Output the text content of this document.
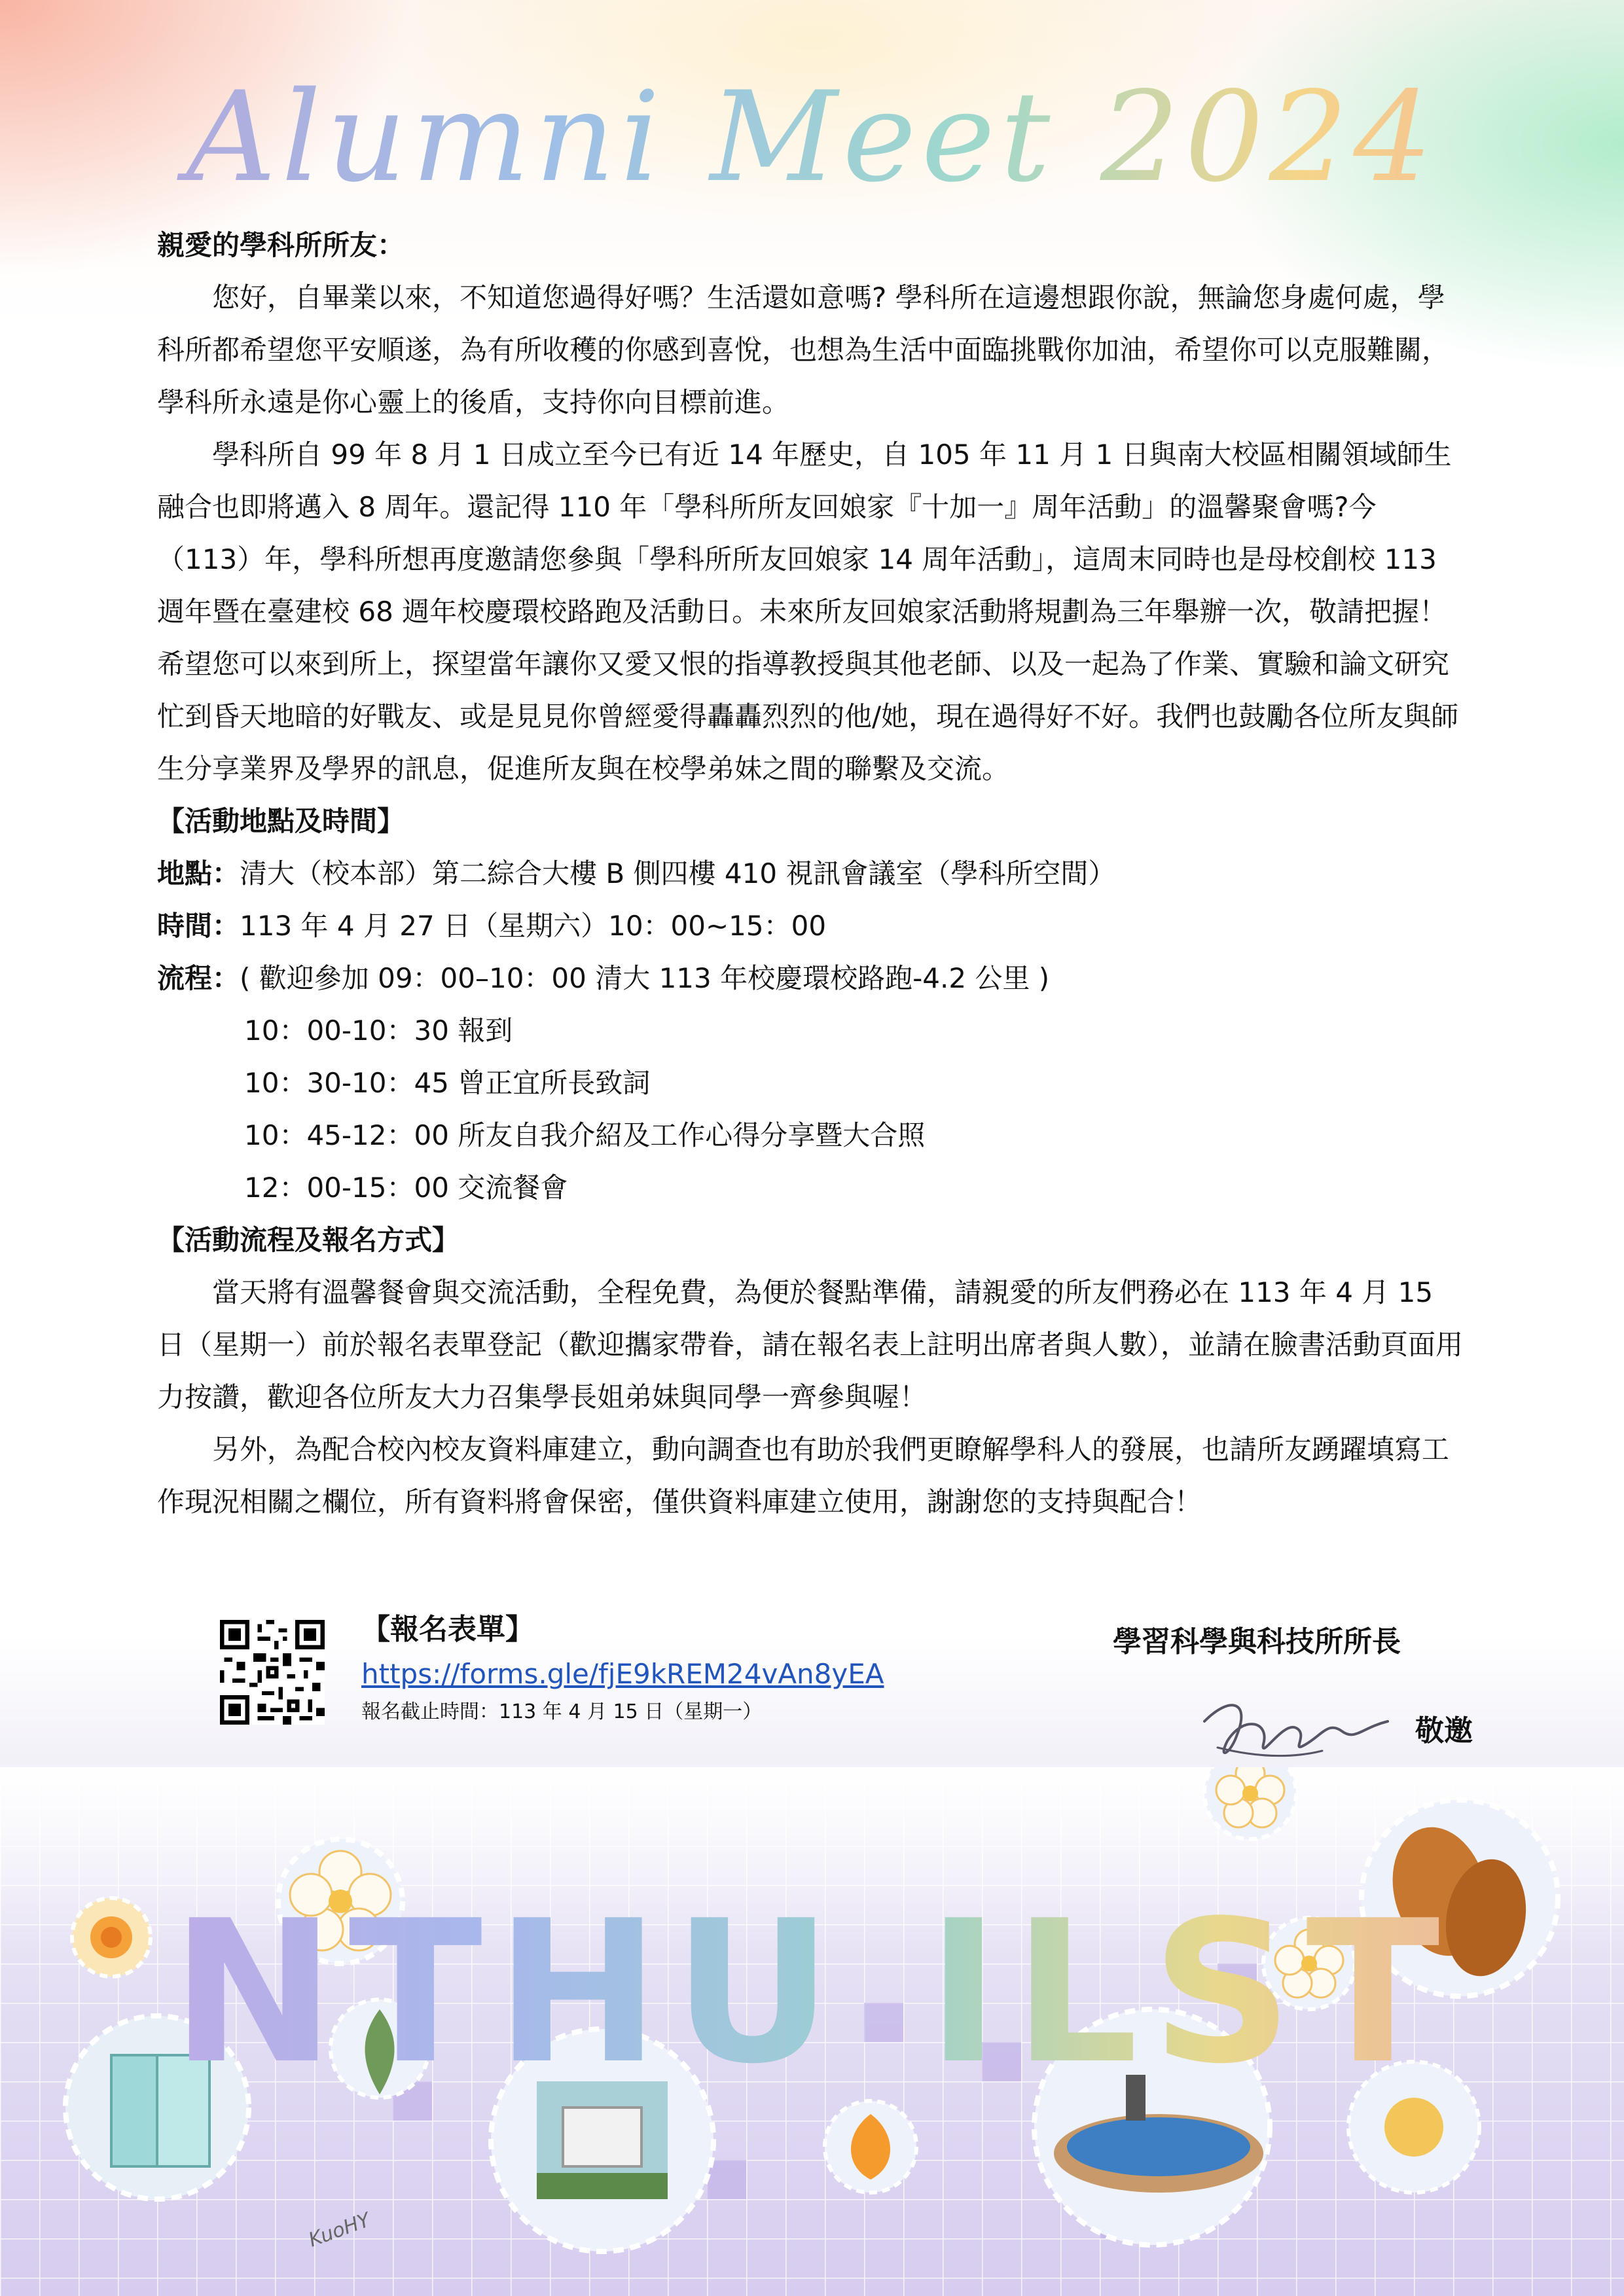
Alumni Meet 2024

親愛的學科所所友：

您好，自畢業以來，不知道您過得好嗎？生活還如意嗎? 學科所在這邊想跟你說，無論您身處何處，學科所都希望您平安順遂，為有所收穫的你感到喜悅，也想為生活中面臨挑戰你加油，希望你可以克服難關，學科所永遠是你心靈上的後盾，支持你向目標前進。

學科所自 99 年 8 月 1 日成立至今已有近 14 年歷史，自 105 年 11 月 1 日與南大校區相關領域師生融合也即將邁入 8 周年。還記得 110 年「學科所所友回娘家『十加一』周年活動」的溫馨聚會嗎?今（113）年，學科所想再度邀請您參與「學科所所友回娘家 14 周年活動」，這周末同時也是母校創校 113 週年暨在臺建校 68 週年校慶環校路跑及活動日。未來所友回娘家活動將規劃為三年舉辦一次，敬請把握！希望您可以來到所上，探望當年讓你又愛又恨的指導教授與其他老師、以及一起為了作業、實驗和論文研究忙到昏天地暗的好戰友、或是見見你曾經愛得轟轟烈烈的他/她，現在過得好不好。我們也鼓勵各位所友與師生分享業界及學界的訊息，促進所友與在校學弟妹之間的聯繫及交流。

【活動地點及時間】

地點：清大（校本部）第二綜合大樓 B 側四樓 410 視訊會議室（學科所空間）

時間：113 年 4 月 27 日（星期六）10：00~15：00

流程：( 歡迎參加 09：00–10：00 清大 113 年校慶環校路跑-4.2 公里 )

10：00-10：30 報到

10：30-10：45 曾正宜所長致詞

10：45-12：00 所友自我介紹及工作心得分享暨大合照

12：00-15：00 交流餐會

【活動流程及報名方式】

當天將有溫馨餐會與交流活動，全程免費，為便於餐點準備，請親愛的所友們務必在 113 年 4 月 15 日（星期一）前於報名表單登記（歡迎攜家帶眷，請在報名表上註明出席者與人數），並請在臉書活動頁面用力按讚，歡迎各位所友大力召集學長姐弟妹與同學一齊參與喔！

另外，為配合校內校友資料庫建立，動向調查也有助於我們更瞭解學科人的發展，也請所友踴躍填寫工作現況相關之欄位，所有資料將會保密，僅供資料庫建立使用，謝謝您的支持與配合！

【報名表單】

https://forms.gle/fjE9kREM24vAn8yEA

報名截止時間：113 年 4 月 15 日（星期一）

學習科學與科技所所長
敬邀
NTHU ILST
KuoHY
